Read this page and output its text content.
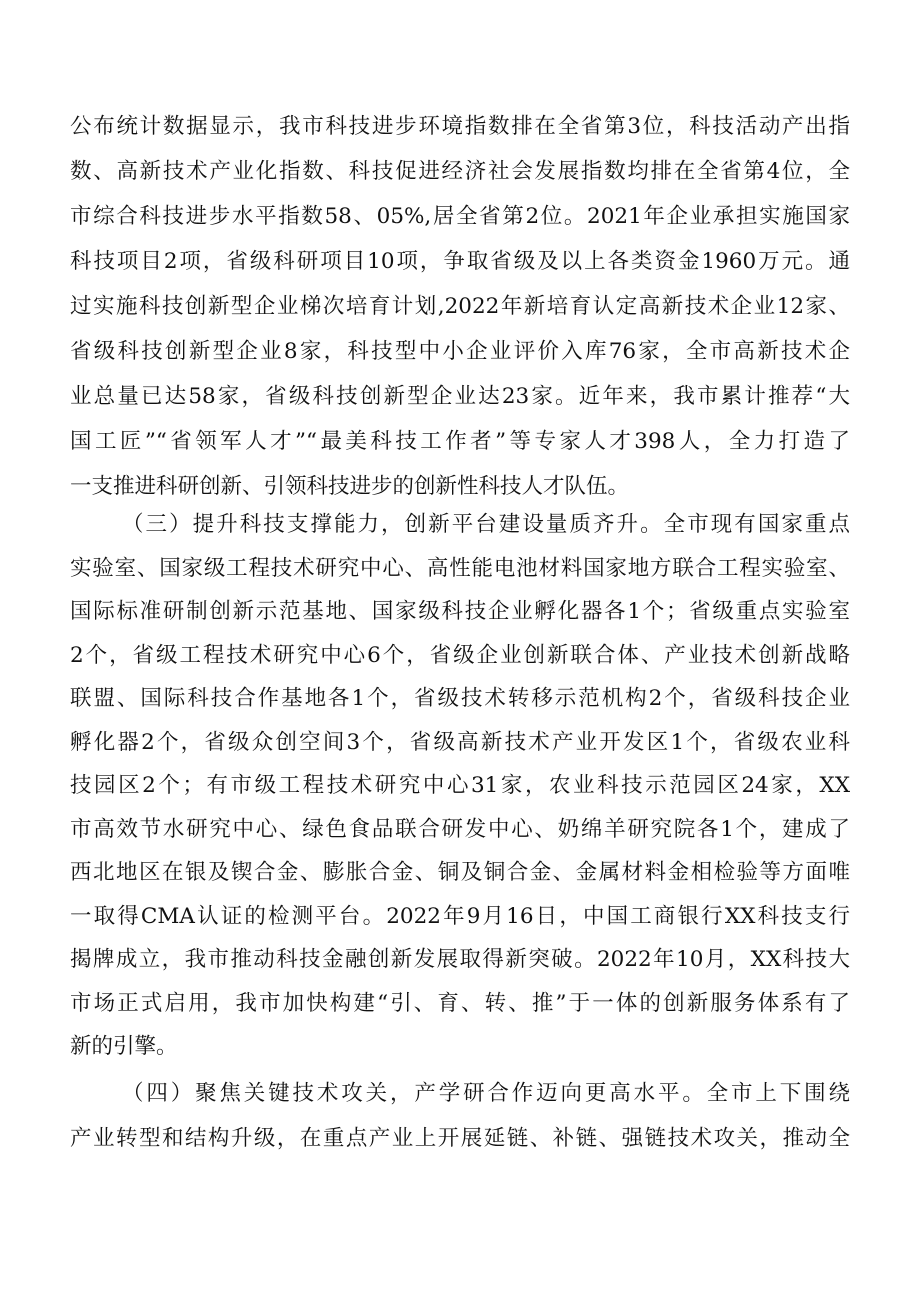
公布统计数据显示，我市科技进步环境指数排在全省第3位，科技活动产出指
数、高新技术产业化指数、科技促进经济社会发展指数均排在全省第4位，全
市综合科技进步水平指数58、05%,居全省第2位。2021年企业承担实施国家
科技项目2项，省级科研项目10项，争取省级及以上各类资金1960万元。通
过实施科技创新型企业梯次培育计划,2022年新培育认定高新技术企业12家、
省级科技创新型企业8家，科技型中小企业评价入库76家，全市高新技术企
业总量已达58家，省级科技创新型企业达23家。近年来，我市累计推荐“大
国工匠”“省领军人才”“最美科技工作者”等专家人才398人，全力打造了
一支推进科研创新、引领科技进步的创新性科技人才队伍。
（三）提升科技支撑能力，创新平台建设量质齐升。全市现有国家重点
实验室、国家级工程技术研究中心、高性能电池材料国家地方联合工程实验室、
国际标准研制创新示范基地、国家级科技企业孵化器各1个；省级重点实验室
2个，省级工程技术研究中心6个，省级企业创新联合体、产业技术创新战略
联盟、国际科技合作基地各1个，省级技术转移示范机构2个，省级科技企业
孵化器2个，省级众创空间3个，省级高新技术产业开发区1个，省级农业科
技园区2个；有市级工程技术研究中心31家，农业科技示范园区24家，XX
市高效节水研究中心、绿色食品联合研发中心、奶绵羊研究院各1个，建成了
西北地区在银及锲合金、膨胀合金、铜及铜合金、金属材料金相检验等方面唯
一取得CMA认证的检测平台。2022年9月16日，中国工商银行XX科技支行
揭牌成立，我市推动科技金融创新发展取得新突破。2022年10月，XX科技大
市场正式启用，我市加快构建“引、育、转、推”于一体的创新服务体系有了
新的引擎。
（四）聚焦关键技术攻关，产学研合作迈向更高水平。全市上下围绕
产业转型和结构升级，在重点产业上开展延链、补链、强链技术攻关，推动全
